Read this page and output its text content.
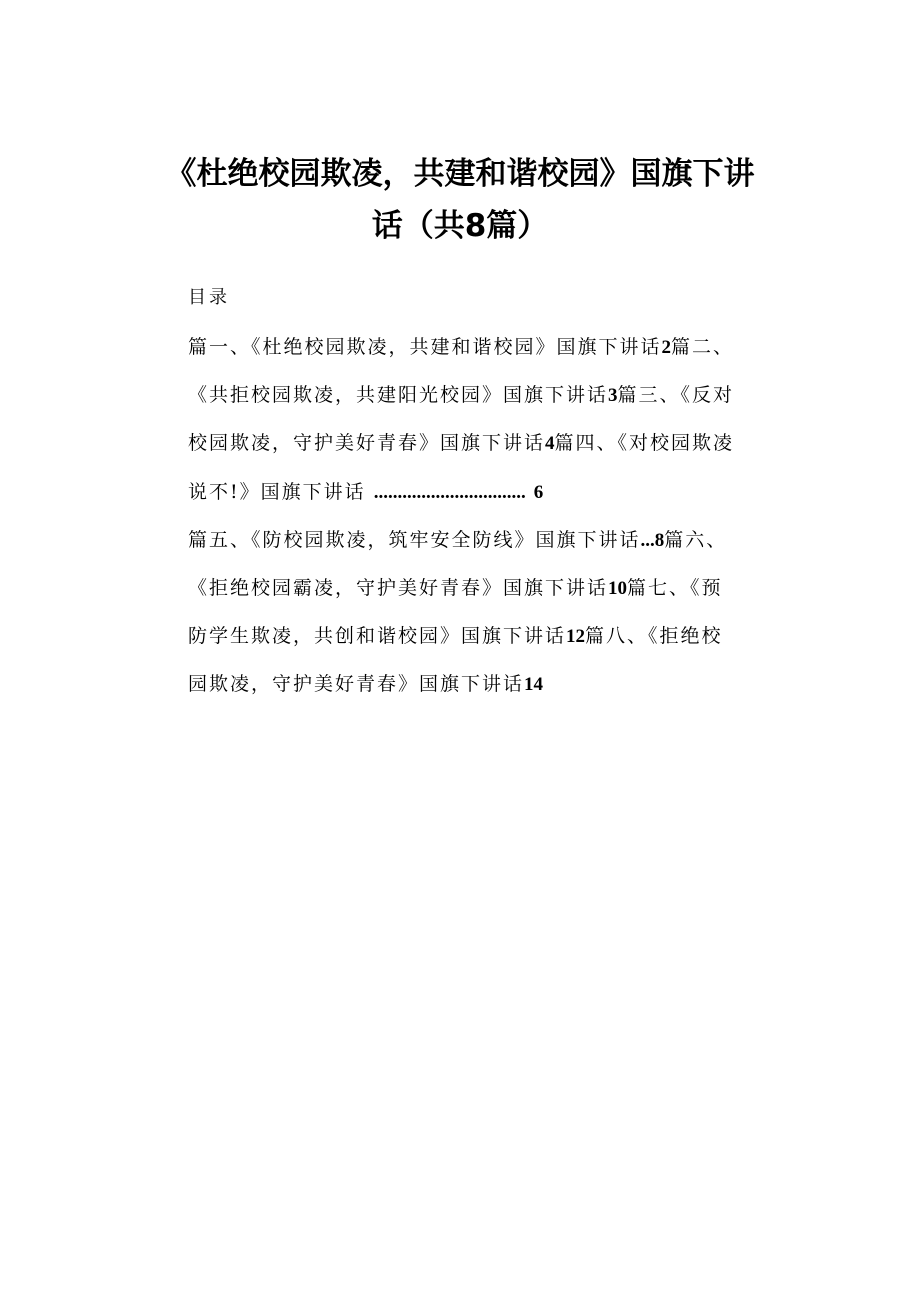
《杜绝校园欺凌，共建和谐校园》国旗下讲
话（共8篇）
目录
篇一、《杜绝校园欺凌，共建和谐校园》国旗下讲话2篇二、
《共拒校园欺凌，共建阳光校园》国旗下讲话3篇三、《反对
校园欺凌，守护美好青春》国旗下讲话4篇四、《对校园欺凌
说不!》国旗下讲话 ................................ 6
篇五、《防校园欺凌，筑牢安全防线》国旗下讲话...8篇六、
《拒绝校园霸凌，守护美好青春》国旗下讲话10篇七、《预
防学生欺凌，共创和谐校园》国旗下讲话12篇八、《拒绝校
园欺凌，守护美好青春》国旗下讲话14
